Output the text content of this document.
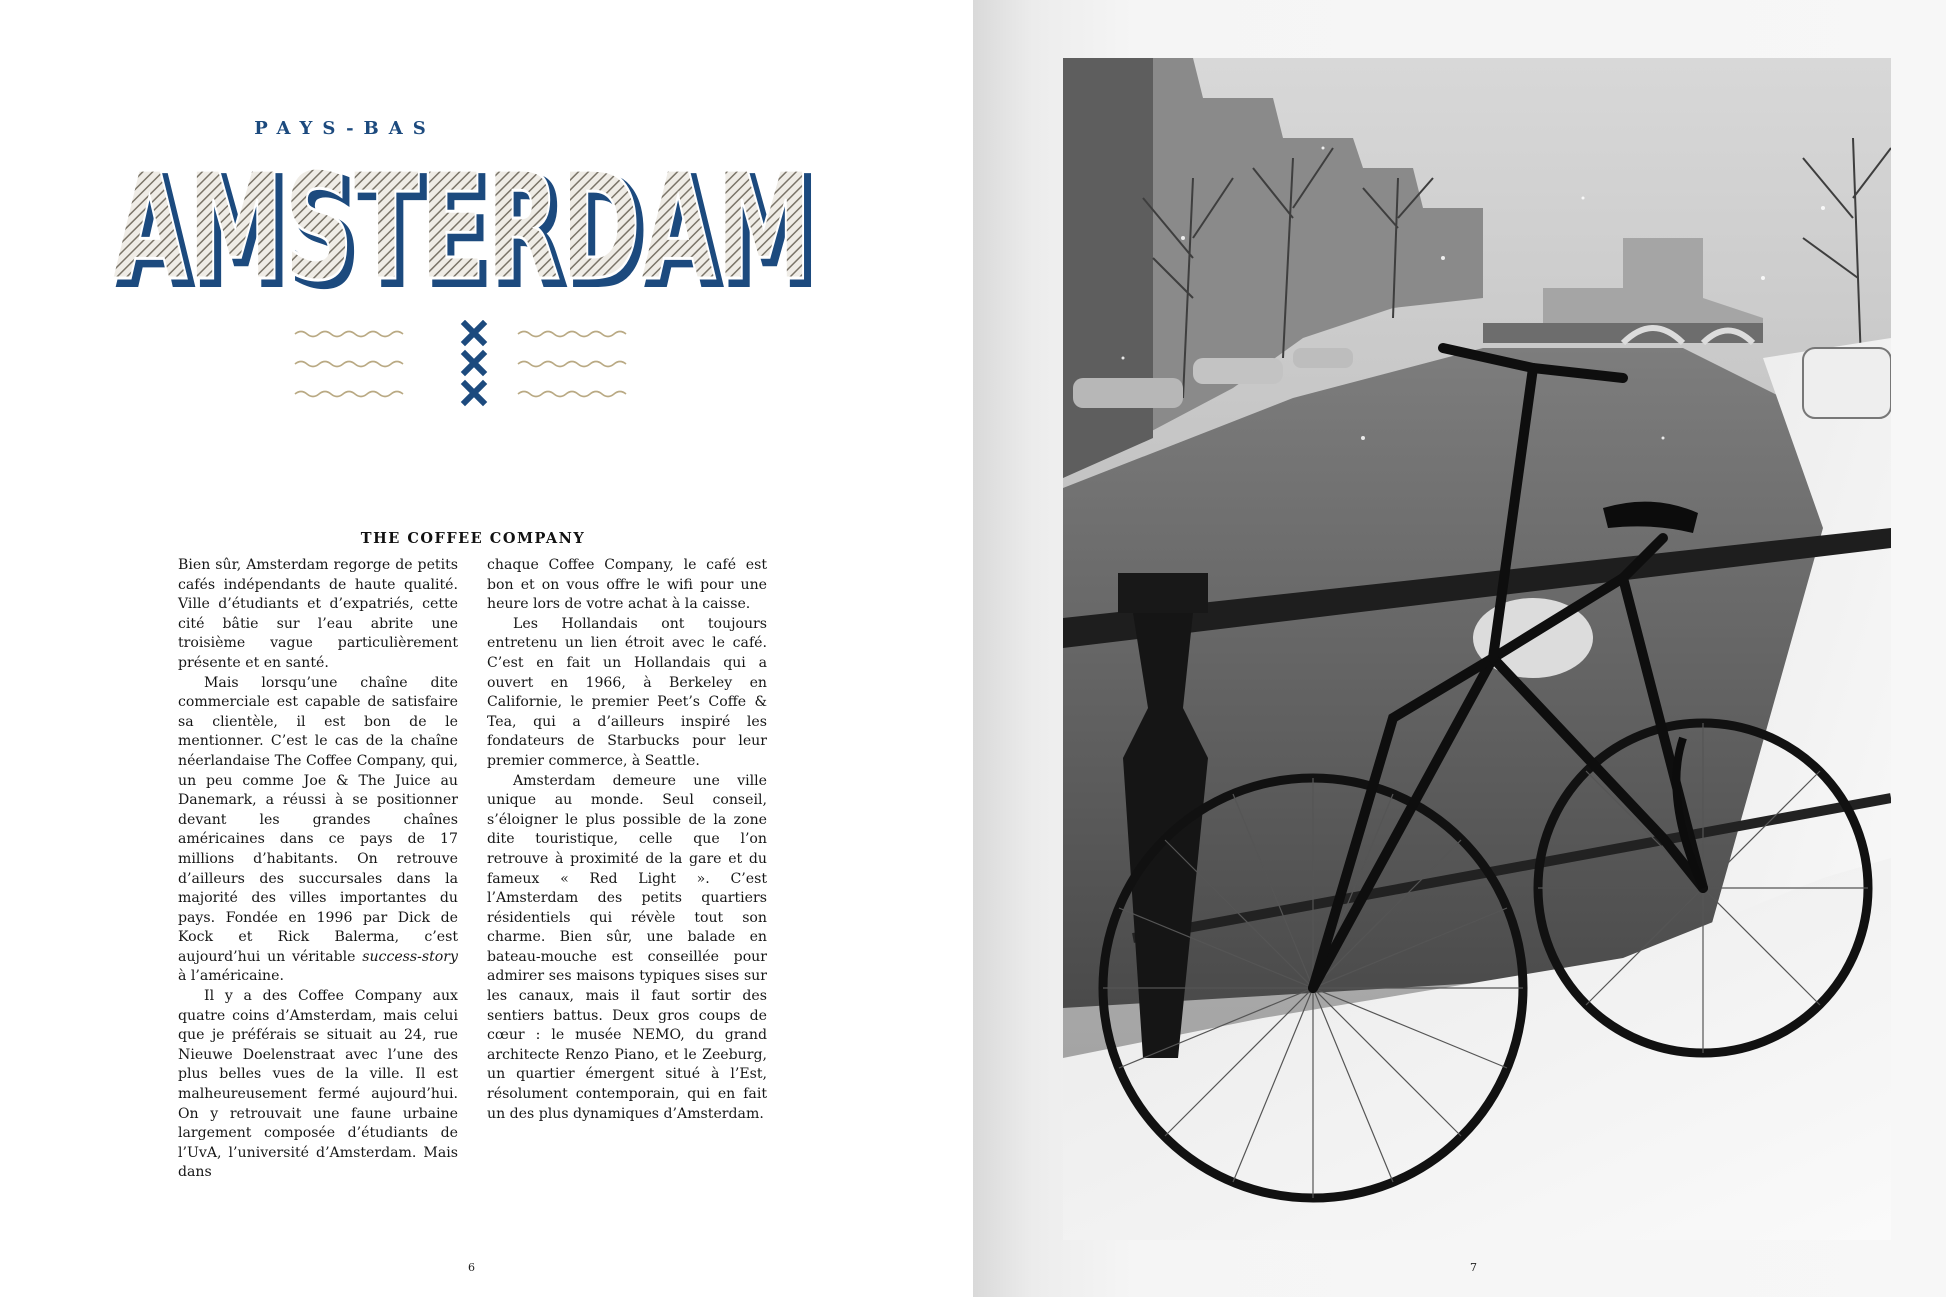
PAYS-BAS
AMSTERDAM
AMSTERDAM
THE COFFEE COMPANY

Bien sûr, Amsterdam regorge de petits cafés indépendants de haute qualité. Ville d’étudiants et d’expatriés, cette cité bâtie sur l’eau abrite une troisième vague particulièrement présente et en santé.

Mais lorsqu’une chaîne dite commerciale est capable de satisfaire sa clientèle, il est bon de le mentionner. C’est le cas de la chaîne néerlandaise The Coffee Company, qui, un peu comme Joe & The Juice au Danemark, a réussi à se positionner devant les grandes chaînes américaines dans ce pays de 17 millions d’habitants. On retrouve d’ailleurs des succursales dans la majorité des villes importantes du pays. Fondée en 1996 par Dick de Kock et Rick Balerma, c’est aujourd’hui un véritable success-story à l’américaine.

Il y a des Coffee Company aux quatre coins d’Amsterdam, mais celui que je préférais se situait au 24, rue Nieuwe Doelenstraat avec l’une des plus belles vues de la ville. Il est malheureusement fermé aujourd’hui. On y retrouvait une faune urbaine largement composée d’étudiants de l’UvA, l’université d’Amsterdam. Mais dans

chaque Coffee Company, le café est bon et on vous offre le wifi pour une heure lors de votre achat à la caisse.

Les Hollandais ont toujours entretenu un lien étroit avec le café. C’est en fait un Hollandais qui a ouvert en 1966, à Berkeley en Californie, le premier Peet’s Coffe & Tea, qui a d’ailleurs inspiré les fondateurs de Starbucks pour leur premier commerce, à Seattle.

Amsterdam demeure une ville unique au monde. Seul conseil, s’éloigner le plus possible de la zone dite touristique, celle que l’on retrouve à proximité de la gare et du fameux « Red Light ». C’est l’Amsterdam des petits quartiers résidentiels qui révèle tout son charme. Bien sûr, une balade en bateau-mouche est conseillée pour admirer ses maisons typiques sises sur les canaux, mais il faut sortir des sentiers battus. Deux gros coups de cœur : le musée NEMO, du grand architecte Renzo Piano, et le Zeeburg, un quartier émergent situé à l’Est, résolument contemporain, qui en fait un des plus dynamiques d’Amsterdam.

6	7
